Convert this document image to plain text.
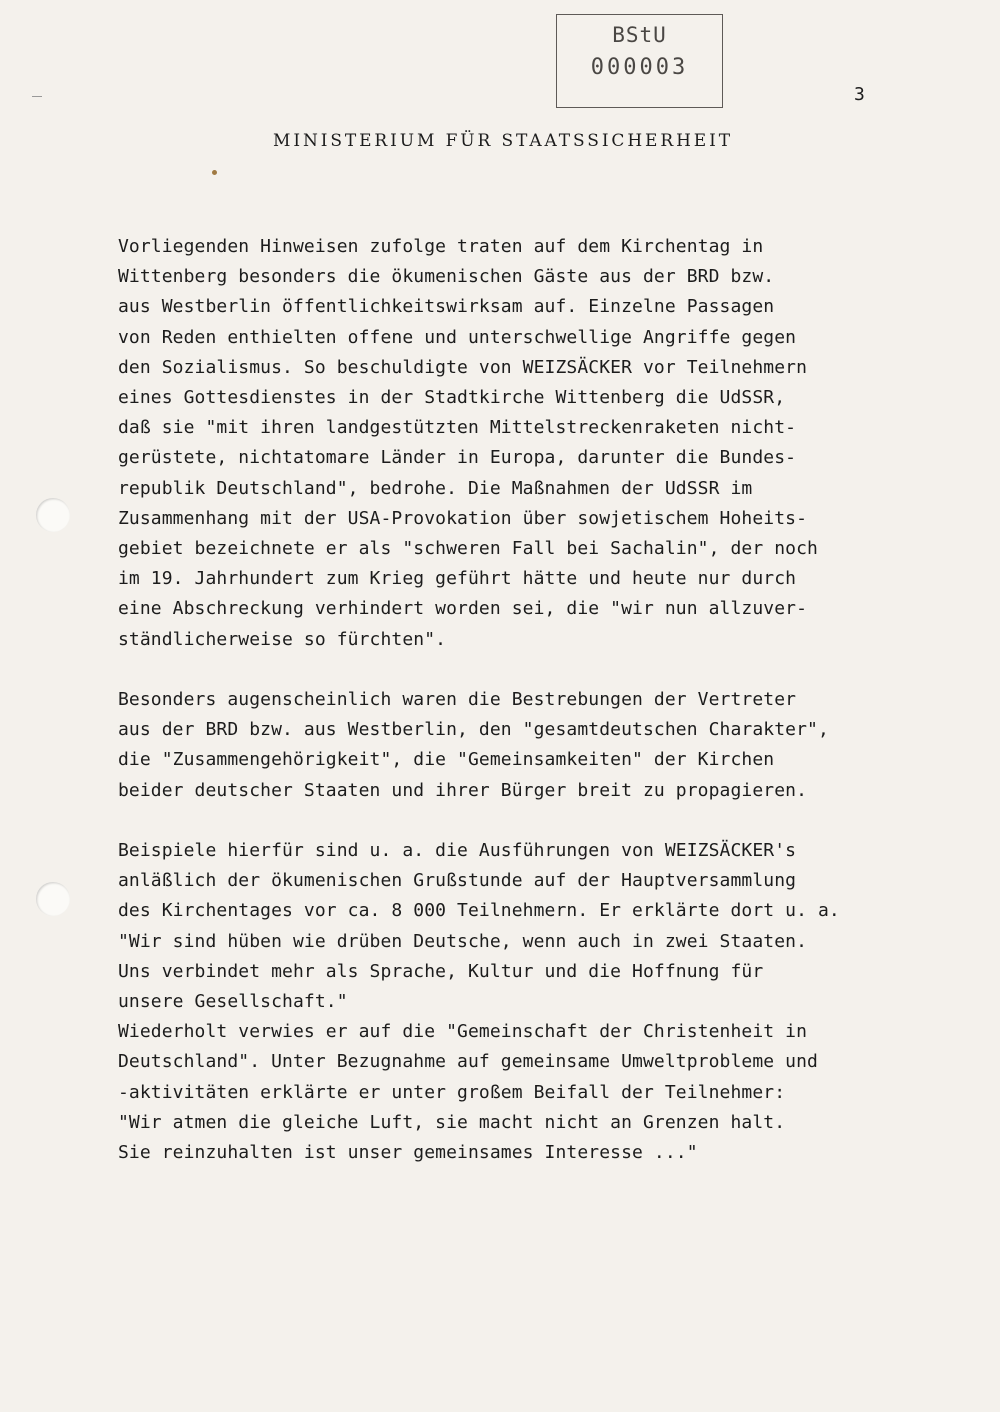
BStU
000003
3
MINISTERIUM FÜR STAATSSICHERHEIT
Vorliegenden Hinweisen zufolge traten auf dem Kirchentag in
Wittenberg besonders die ökumenischen Gäste aus der BRD bzw.
aus Westberlin öffentlichkeitswirksam auf. Einzelne Passagen
von Reden enthielten offene und unterschwellige Angriffe gegen
den Sozialismus. So beschuldigte von WEIZSÄCKER vor Teilnehmern
eines Gottesdienstes in der Stadtkirche Wittenberg die UdSSR,
daß sie "mit ihren landgestützten Mittelstreckenraketen nicht-
gerüstete, nichtatomare Länder in Europa, darunter die Bundes-
republik Deutschland", bedrohe. Die Maßnahmen der UdSSR im
Zusammenhang mit der USA-Provokation über sowjetischem Hoheits-
gebiet bezeichnete er als "schweren Fall bei Sachalin", der noch
im 19. Jahrhundert zum Krieg geführt hätte und heute nur durch
eine Abschreckung verhindert worden sei, die "wir nun allzuver-
ständlicherweise so fürchten".
Besonders augenscheinlich waren die Bestrebungen der Vertreter
aus der BRD bzw. aus Westberlin, den "gesamtdeutschen Charakter",
die "Zusammengehörigkeit", die "Gemeinsamkeiten" der Kirchen
beider deutscher Staaten und ihrer Bürger breit zu propagieren.
Beispiele hierfür sind u. a. die Ausführungen von WEIZSÄCKER's
anläßlich der ökumenischen Grußstunde auf der Hauptversammlung
des Kirchentages vor ca. 8 000 Teilnehmern. Er erklärte dort u. a.
"Wir sind hüben wie drüben Deutsche, wenn auch in zwei Staaten.
Uns verbindet mehr als Sprache, Kultur und die Hoffnung für
unsere Gesellschaft."
Wiederholt verwies er auf die "Gemeinschaft der Christenheit in
Deutschland". Unter Bezugnahme auf gemeinsame Umweltprobleme und
-aktivitäten erklärte er unter großem Beifall der Teilnehmer:
"Wir atmen die gleiche Luft, sie macht nicht an Grenzen halt.
Sie reinzuhalten ist unser gemeinsames Interesse ..."
